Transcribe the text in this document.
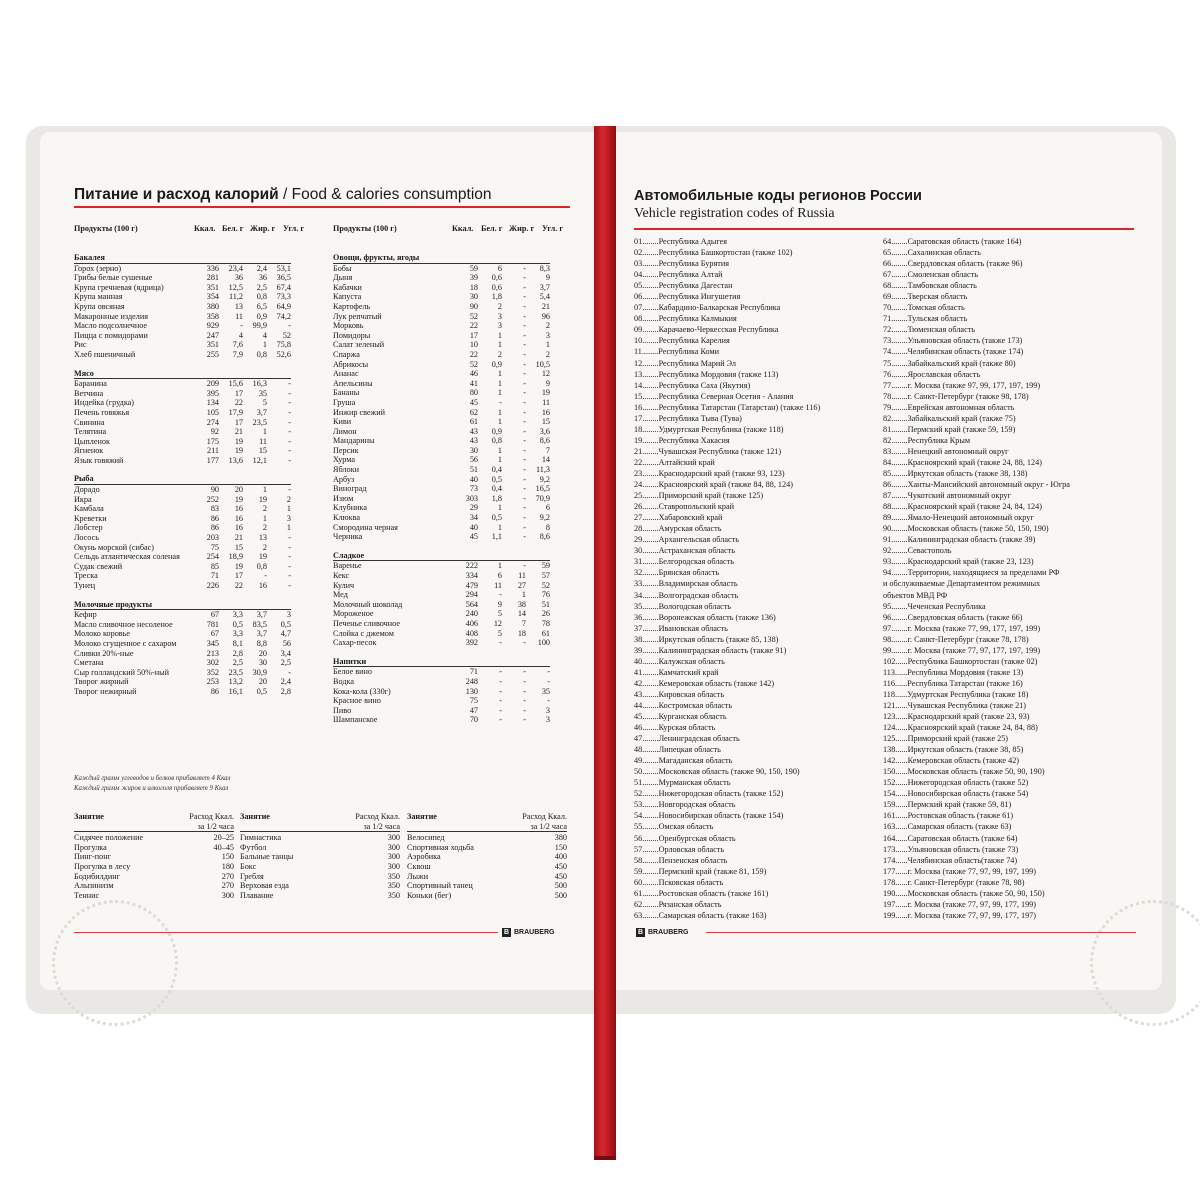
Питание и расход калорий / Food & calories consumption
Продукты (100 г)	Ккал. Бел. г Жир. г Угл. г	Продукты (100 г)	Ккал. Бел. г Жир. г Угл. г
Бакалея				
Горох (зерно)	336	23,4	2,4	53,1
Грибы белые сушеные	281	36	36	36,5
Крупа гречневая (ядрица)	351	12,5	2,5	67,4
Крупа манная	354	11,2	0,8	73,3
Крупа овсяная	380	13	6,5	64,9
Макаронные изделия	358	11	0,9	74,2
Масло подсолнечное	929	-	99,9	-
Пицца с помидорами	247	4	4	52
Рис	351	7,6	1	75,8
Хлеб пшеничный	255	7,9	0,8	52,6

Мясо				
Баранина	209	15,6	16,3	-
Ветчина	395	17	35	-
Индейка (грудка)	134	22	5	-
Печень говяжья	105	17,9	3,7	-
Свинина	274	17	23,5	-
Телятина	92	21	1	-
Цыпленок	175	19	11	-
Ягненок	211	19	15	-
Язык говяжий	177	13,6	12,1	-

Рыба				
Дорадо	90	20	1	-
Икра	252	19	19	2
Камбала	83	16	2	1
Креветки	86	16	1	3
Лобстер	86	16	2	1
Лосось	203	21	13	-
Окунь морской (сибас)	75	15	2	-
Сельдь атлантическая соленая	254	18,9	19	-
Судак свежий	85	19	0,8	-
Треска	71	17	-	-
Тунец	226	22	16	-

Молочные продукты				
Кефир	67	3,3	3,7	3
Масло сливочное несоленое	781	0,5	83,5	0,5
Молоко коровье	67	3,3	3,7	4,7
Молоко сгущенное с сахаром	345	8,1	8,8	56
Сливки 20%-ные	213	2,8	20	3,4
Сметана	302	2,5	30	2,5
Сыр голландский 50%-ный	352	23,5	30,9	-
Творог жирный	253	13,2	20	2,4
Творог нежирный	86	16,1	0,5	2,8
Овощи, фрукты, ягоды				
Бобы	59	6	-	8,3
Дыня	39	0,6	-	9
Кабачки	18	0,6	-	3,7
Капуста	30	1,8	-	5,4
Картофель	90	2	-	21
Лук репчатый	52	3	-	96
Морковь	22	3	-	2
Помидоры	17	1	-	3
Салат зеленый	10	1	-	1
Спаржа	22	2	-	2
Абрикосы	52	0,9	-	10,5
Ананас	46	1	-	12
Апельсины	41	1	-	9
Бананы	80	1	-	19
Груша	45	-	-	11
Инжир свежий	62	1	-	16
Киви	61	1	-	15
Лимон	43	0,9	-	3,6
Мандарины	43	0,8	-	8,6
Персик	30	1	-	7
Хурма	56	1	-	14
Яблоки	51	0,4	-	11,3
Арбуз	40	0,5	-	9,2
Виноград	73	0,4	-	16,5
Изюм	303	1,8	-	70,9
Клубника	29	1	-	6
Клюква	34	0,5	-	9,2
Смородина черная	40	1	-	8
Черника	45	1,1	-	8,6

Сладкое				
Варенье	222	1	-	59
Кекс	334	6	11	57
Кулич	479	11	27	52
Мед	294	-	1	76
Молочный шоколад	564	9	38	51
Мороженое	240	5	14	26
Печенье сливочное	406	12	7	78
Слойка с джемом	408	5	18	61
Сахар-песок	392	-	-	100

Напитки				
Белое вино	71	-	-	-
Водка	248	-	-	-
Кока-кола (330г)	130	-	-	35
Красное вино	75	-	-	-
Пиво	47	-	-	3
Шампанское	70	-	-	3
Каждый грамм углеводов и белков прибавляет 4 Ккал
Каждый грамм жиров и алкоголя прибавляет 9 Ккал
Занятие	Расход Ккал. за 1/2 часа

Сидячее положение	20–25
Прогулка	40–45
Пинг-понг	150
Прогулка в лесу	180
Бодибилдинг	270
Альпинизм	270
Теннис	300
Занятие	Расход Ккал. за 1/2 часа

Гимнастика	300
Футбол	300
Бальные танцы	300
Бокс	300
Гребля	350
Верховая езда	350
Плавание	350
Занятие	Расход Ккал. за 1/2 часа

Велосипед	380
Спортивная ходьба	150
Аэробика	400
Сквош	450
Лыжи	450
Спортивный танец	500
Коньки (бег)	500
B BRAUBERG
Автомобильные коды регионов России
Vehicle registration codes of Russia
01........Республика Адыгея
02........Республика Башкортостан (также 102)
03........Республика Бурятия
04........Республика Алтай
05........Республика Дагестан
06........Республика Ингушетия
07........Кабардино-Балкарская Республика
08........Республика Калмыкия
09........Карачаево-Черкесская Республика
10........Республика Карелия
11........Республика Коми
12........Республика Марий Эл
13........Республика Мордовия (также 113)
14........Республика Саха (Якутия)
15........Республика Северная Осетия - Алания
16........Республика Татарстан (Татарстан) (также 116)
17........Республика Тыва (Тува)
18........Удмуртская Республика (также 118)
19........Республика Хакасия
21........Чувашская Республика (также 121)
22........Алтайский край
23........Краснодарский край (также 93, 123)
24........Красноярский край (также 84, 88, 124)
25........Приморский край (также 125)
26........Ставропольский край
27........Хабаровский край
28........Амурская область
29........Архангельская область
30........Астраханская область
31........Белгородская область
32........Брянская область
33........Владимирская область
34........Волгоградская область
35........Вологодская область
36........Воронежская область (также 136)
37........Ивановская область
38........Иркутская область (также 85, 138)
39........Калининградская область (также 91)
40........Калужская область
41........Камчатский край
42........Кемеровская область (также 142)
43........Кировская область
44........Костромская область
45........Курганская область
46........Курская область
47........Ленинградская область
48........Липецкая область
49........Магаданская область
50........Московская область (также 90, 150, 190)
51........Мурманская область
52........Нижегородская область (также 152)
53........Новгородская область
54........Новосибирская область (также 154)
55........Омская область
56........Оренбургская область
57........Орловская область
58........Пензенская область
59........Пермский край (также 81, 159)
60........Псковская область
61........Ростовская область (также 161)
62........Рязанская область
63........Самарская область (также 163)
64........Саратовская область (также 164)
65........Сахалинская область
66........Свердловская область (также 96)
67........Смоленская область
68........Тамбовская область
69........Тверская область
70........Томская область
71........Тульская область
72........Тюменская область
73........Ульяновская область (также 173)
74........Челябинская область (также 174)
75........Забайкальский край (также 80)
76........Ярославская область
77........г. Москва (также 97, 99, 177, 197, 199)
78........г. Санкт-Петербург (также 98, 178)
79........Еврейская автономная область
82........Забайкальский край (также 75)
81........Пермский край (также 59, 159)
82........Республика Крым
83........Ненецкий автономный округ
84........Красноярский край (также 24, 88, 124)
85........Иркутская область (также 38, 138)
86........Ханты-Мансийский автономный округ - Югра
87........Чукотский автономный округ
88........Красноярский край (также 24, 84, 124)
89........Ямало-Ненецкий автономный округ
90........Московская область (также 50, 150, 190)
91........Калининградская область (также 39)
92........Севастополь
93........Краснодарский край (также 23, 123)
94........Территории, находящиеся за пределами РФ
и обслуживаемые Департаментом режимных
объектов МВД РФ
95........Чеченская Республика
96........Свердловская область (также 66)
97........г. Москва (также 77, 99, 177, 197, 199)
98........г. Санкт-Петербург (также 78, 178)
99........г. Москва (также 77, 97, 177, 197, 199)
102......Республика Башкортостан (также 02)
113......Республика Мордовия (также 13)
116......Республика Татарстан (также 16)
118......Удмуртская Республика (также 18)
121......Чувашская Республика (также 21)
123......Краснодарский край (также 23, 93)
124......Красноярский край (также 24, 84, 88)
125......Приморский край (также 25)
138......Иркутская область (также 38, 85)
142......Кемеровская область (также 42)
150......Московская область (также 50, 90, 190)
152......Нижегородская область (также 52)
154......Новосибирская область (также 54)
159......Пермский край (также 59, 81)
161......Ростовская область (также 61)
163......Самарская область (также 63)
164......Саратовская область (также 64)
173......Ульяновская область (также 73)
174......Челябинская область(также 74)
177......г. Москва (также 77, 97, 99, 197, 199)
178......г. Санкт-Петербург (также 78, 98)
190......Московская область (также 50, 90, 150)
197......г. Москва (также 77, 97, 99, 177, 199)
199......г. Москва (также 77, 97, 99, 177, 197)
B BRAUBERG
